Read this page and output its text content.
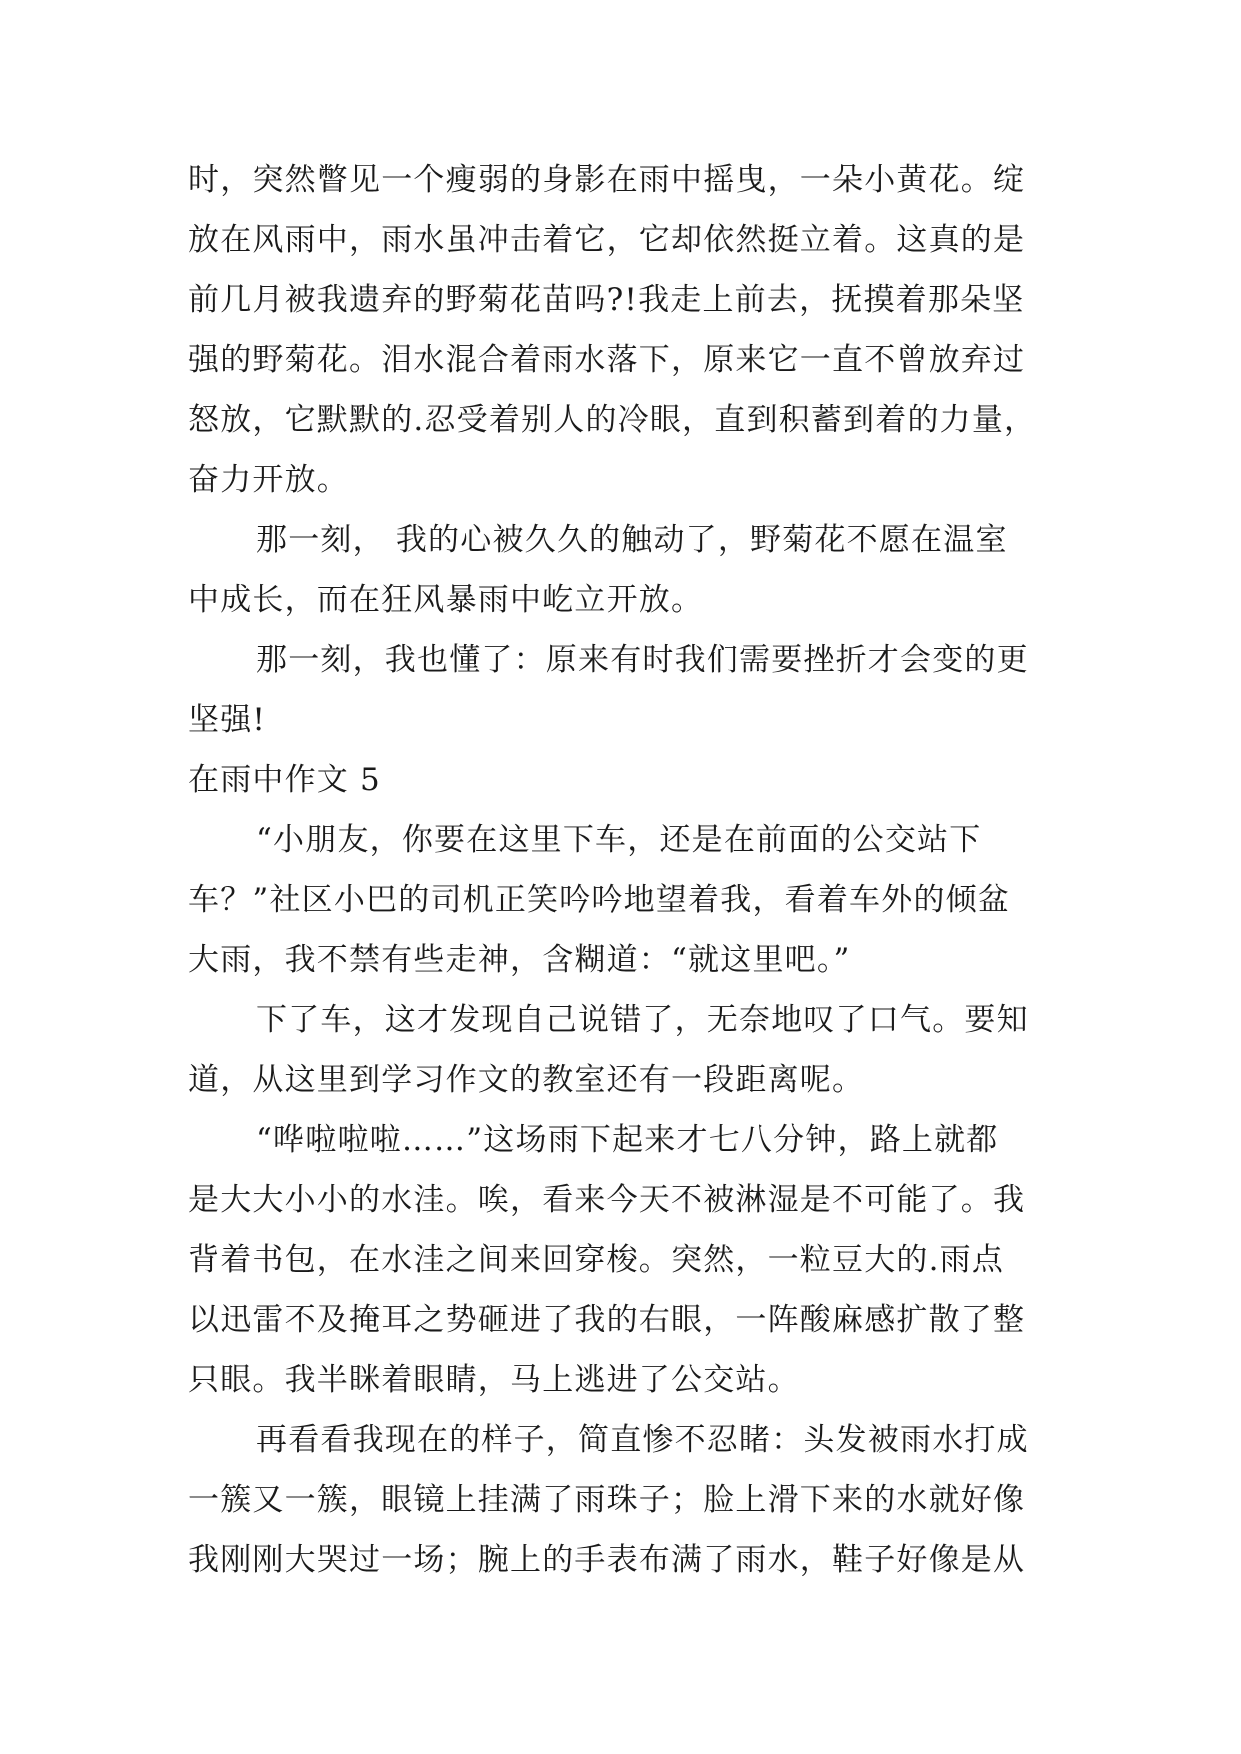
时，突然瞥见一个瘦弱的身影在雨中摇曳，一朵小黄花。绽
放在风雨中，雨水虽冲击着它，它却依然挺立着。这真的是
前几月被我遗弃的野菊花苗吗?!我走上前去，抚摸着那朵坚
强的野菊花。泪水混合着雨水落下，原来它一直不曾放弃过
怒放，它默默的.忍受着别人的冷眼，直到积蓄到着的力量，
奋力开放。
那一刻， 我的心被久久的触动了，野菊花不愿在温室
中成长，而在狂风暴雨中屹立开放。
那一刻，我也懂了：原来有时我们需要挫折才会变的更
坚强!
在雨中作文 5
“小朋友，你要在这里下车，还是在前面的公交站下
车？”社区小巴的司机正笑吟吟地望着我，看着车外的倾盆
大雨，我不禁有些走神，含糊道：“就这里吧。”
下了车，这才发现自己说错了，无奈地叹了口气。要知
道，从这里到学习作文的教室还有一段距离呢。
“哗啦啦啦……”这场雨下起来才七八分钟，路上就都
是大大小小的水洼。唉，看来今天不被淋湿是不可能了。我
背着书包，在水洼之间来回穿梭。突然，一粒豆大的.雨点
以迅雷不及掩耳之势砸进了我的右眼，一阵酸麻感扩散了整
只眼。我半眯着眼睛，马上逃进了公交站。
再看看我现在的样子，简直惨不忍睹：头发被雨水打成
一簇又一簇，眼镜上挂满了雨珠子；脸上滑下来的水就好像
我刚刚大哭过一场；腕上的手表布满了雨水，鞋子好像是从
